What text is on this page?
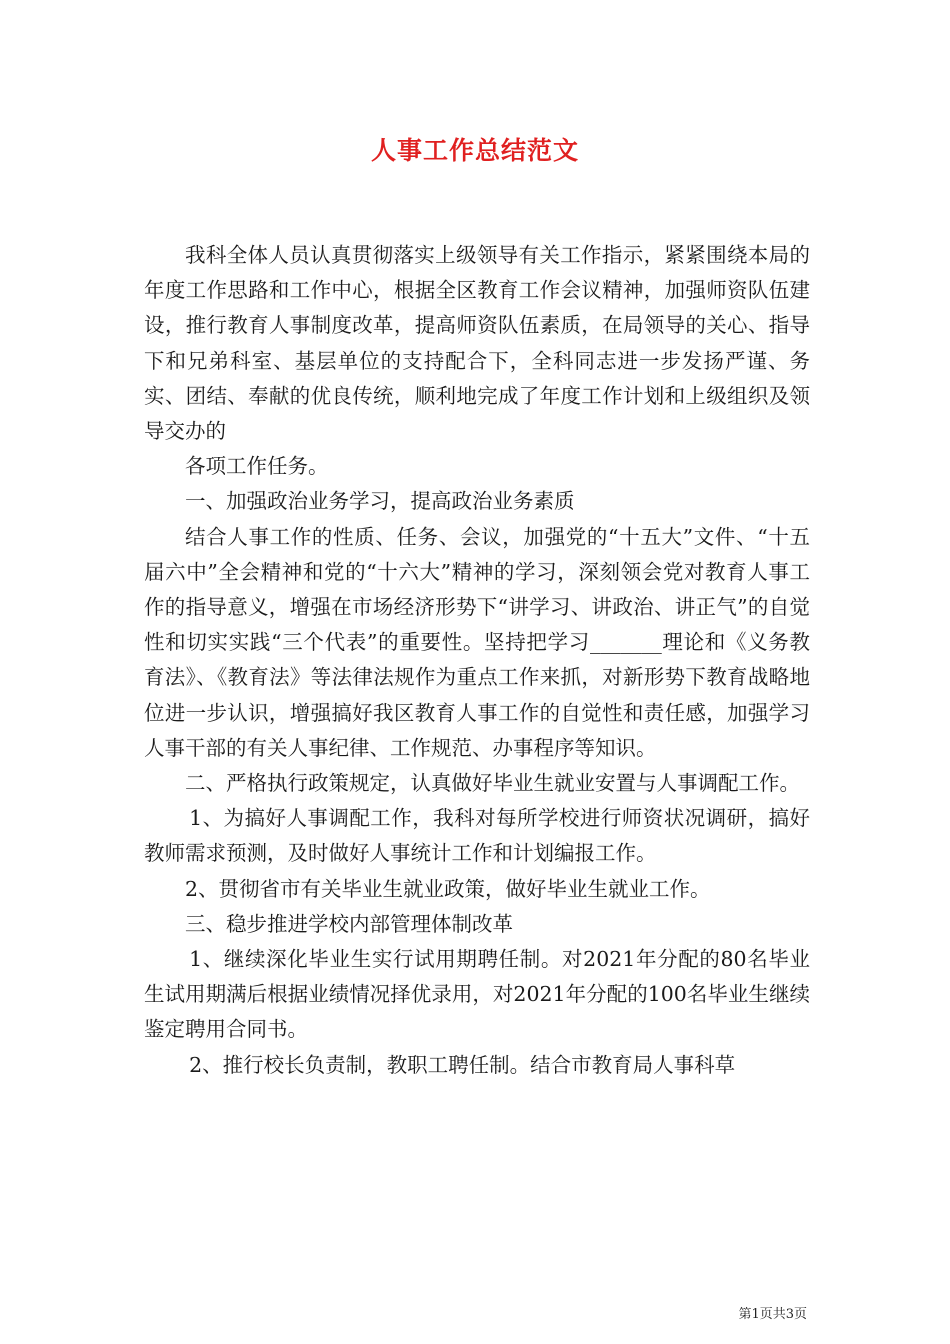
人事工作总结范文

我科全体人员认真贯彻落实上级领导有关工作指示，紧紧围绕本局的年度工作思路和工作中心，根据全区教育工作会议精神，加强师资队伍建设，推行教育人事制度改革，提高师资队伍素质，在局领导的关心、指导下和兄弟科室、基层单位的支持配合下，全科同志进一步发扬严谨、务实、团结、奉献的优良传统，顺利地完成了年度工作计划和上级组织及领导交办的

各项工作任务。

一、加强政治业务学习，提高政治业务素质

结合人事工作的性质、任务、会议，加强党的“十五大”文件、“十五届六中”全会精神和党的“十六大”精神的学习，深刻领会党对教育人事工作的指导意义，增强在市场经济形势下“讲学习、讲政治、讲正气”的自觉性和切实实践“三个代表”的重要性。坚持把学习_______理论和《义务教育法》、《教育法》等法律法规作为重点工作来抓，对新形势下教育战略地位进一步认识，增强搞好我区教育人事工作的自觉性和责任感，加强学习人事干部的有关人事纪律、工作规范、办事程序等知识。

二、严格执行政策规定，认真做好毕业生就业安置与人事调配工作。

1、为搞好人事调配工作，我科对每所学校进行师资状况调研，搞好教师需求预测，及时做好人事统计工作和计划编报工作。

2、贯彻省市有关毕业生就业政策，做好毕业生就业工作。

三、稳步推进学校内部管理体制改革

1、继续深化毕业生实行试用期聘任制。对2021年分配的80名毕业生试用期满后根据业绩情况择优录用，对2021年分配的100名毕业生继续鉴定聘用合同书。

2、推行校长负责制，教职工聘任制。结合市教育局人事科草

第1页共3页
